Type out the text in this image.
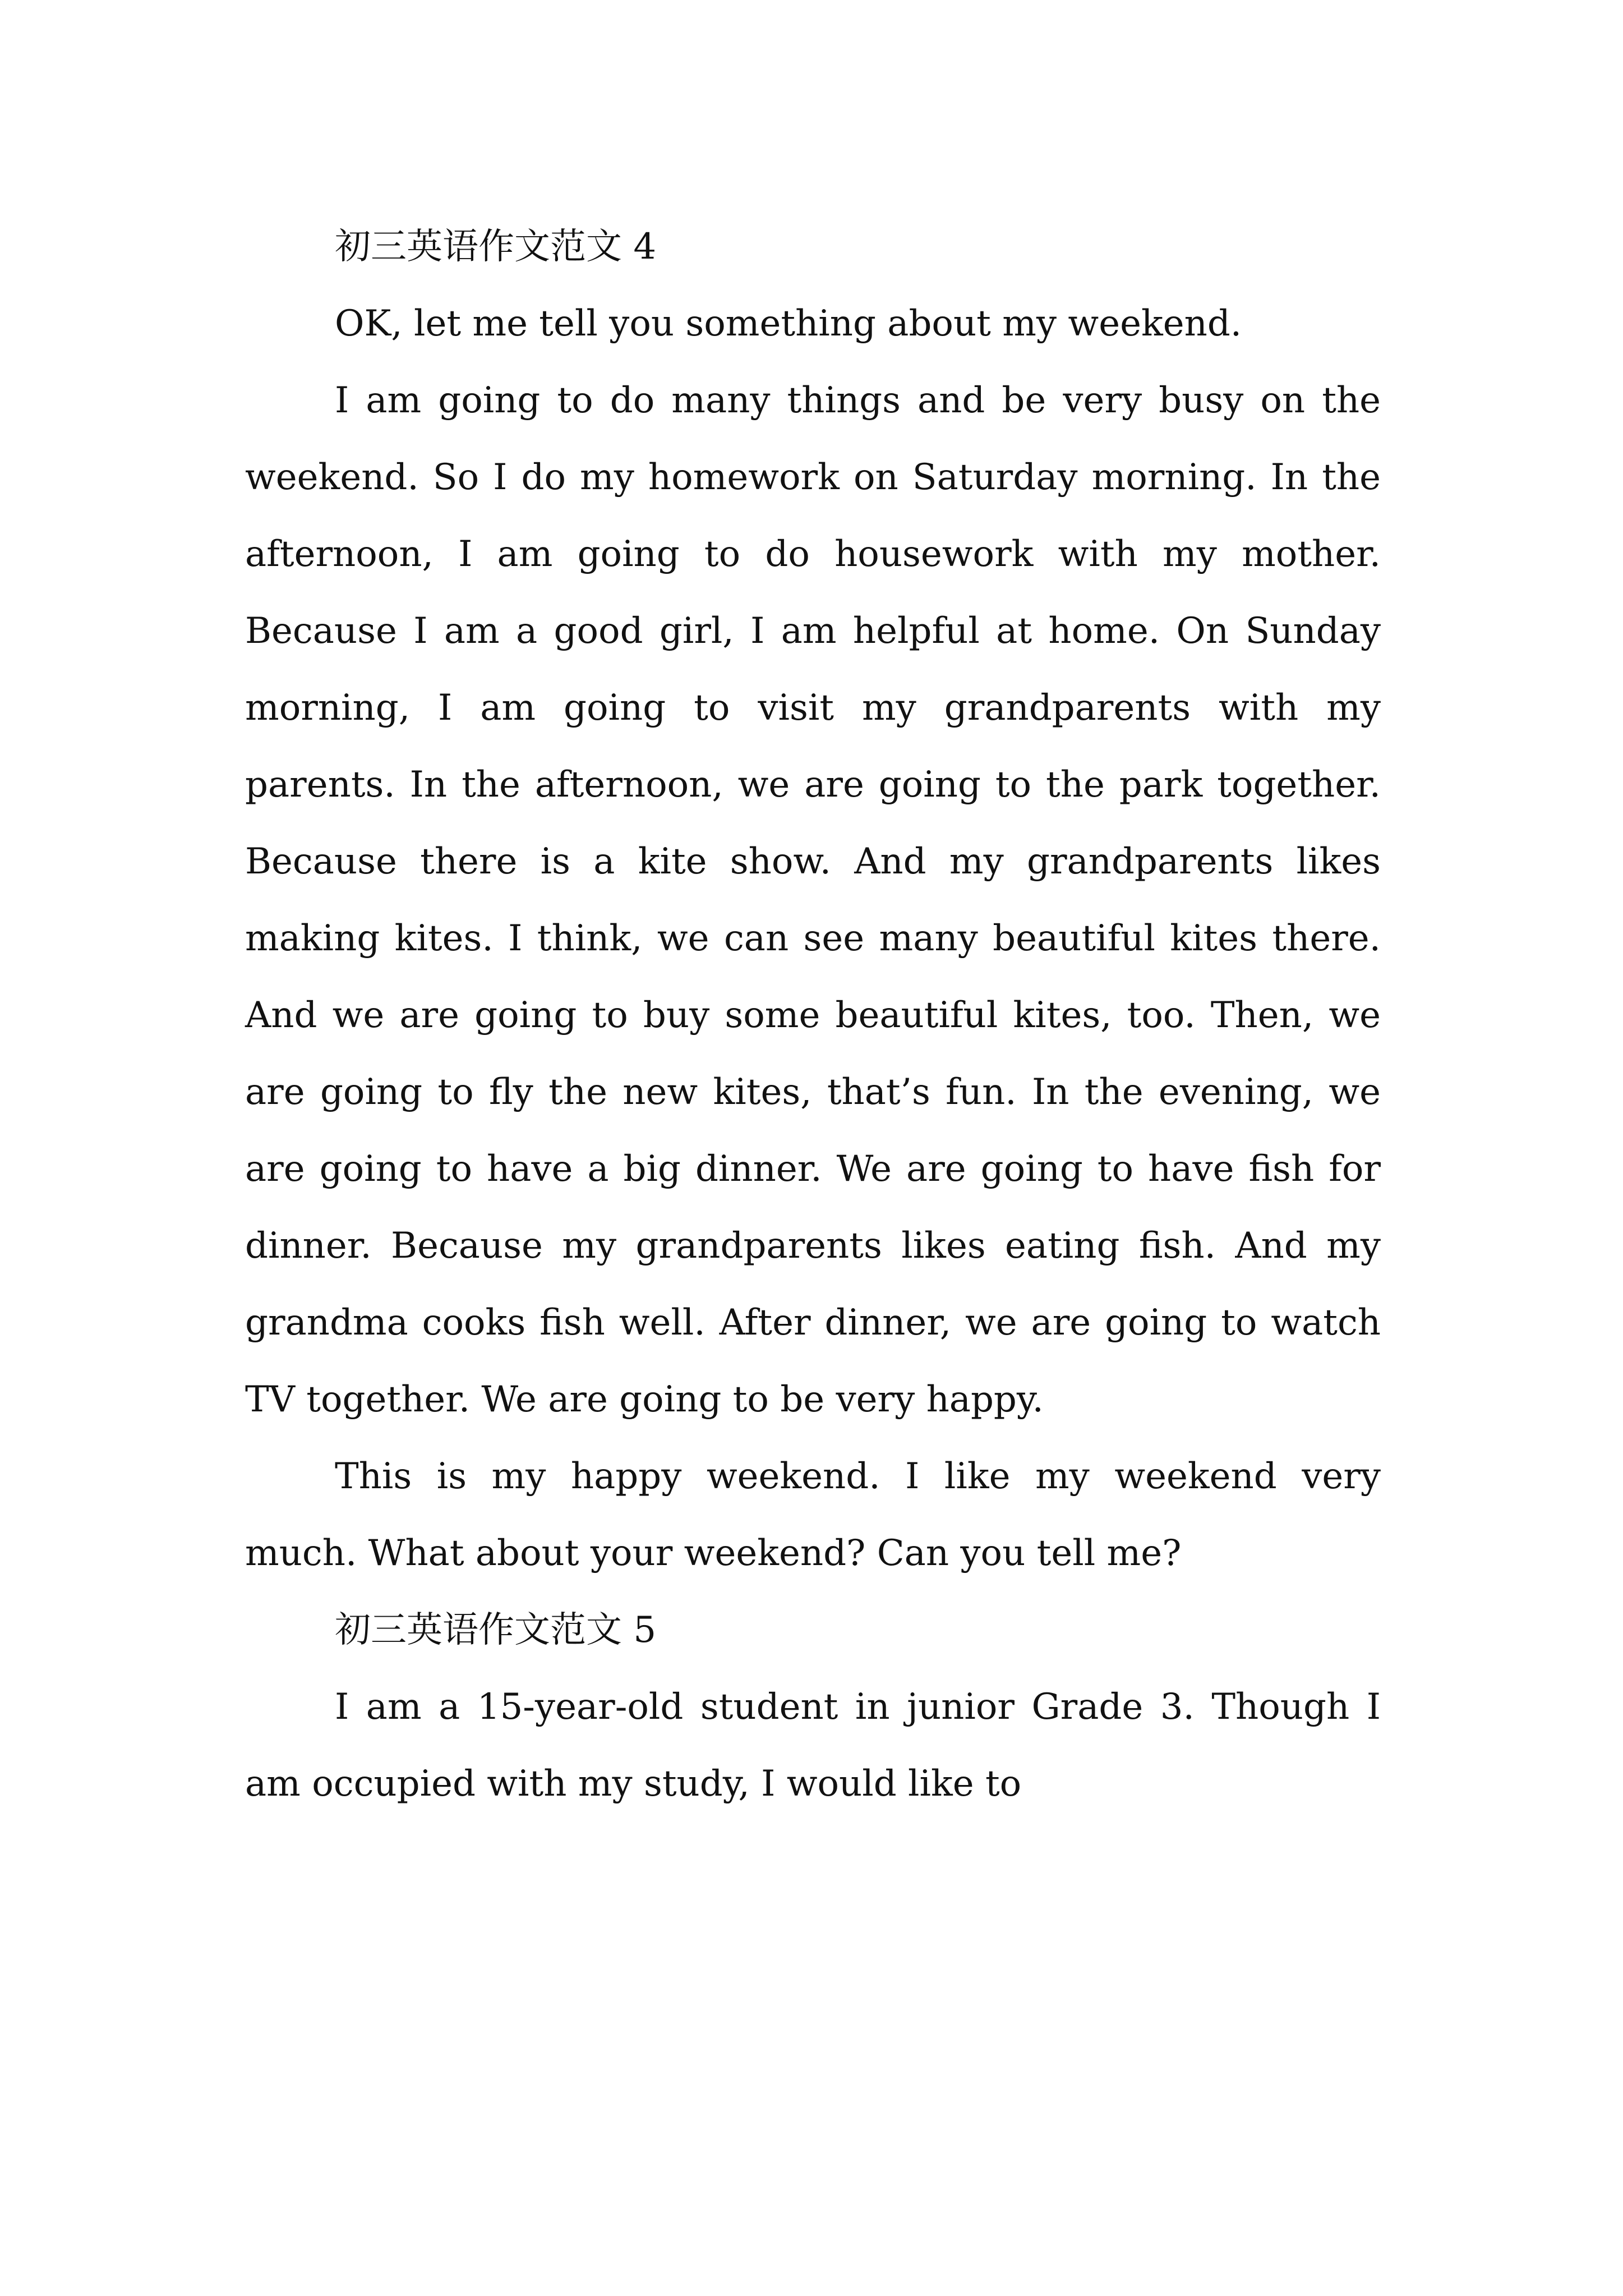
初三英语作文范文 4

OK, let me tell you something about my weekend.

I am going to do many things and be very busy on the weekend. So I do my homework on Saturday morning. In the afternoon, I am going to do housework with my mother. Because I am a good girl, I am helpful at home. On Sunday morning, I am going to visit my grandparents with my parents. In the afternoon, we are going to the park together. Because there is a kite show. And my grandparents likes making kites. I think, we can see many beautiful kites there. And we are going to buy some beautiful kites, too. Then, we are going to fly the new kites, that’s fun. In the evening, we are going to have a big dinner. We are going to have fish for dinner. Because my grandparents likes eating fish. And my grandma cooks fish well. After dinner, we are going to watch TV together. We are going to be very happy.

This is my happy weekend. I like my weekend very much. What about your weekend? Can you tell me?

初三英语作文范文 5

I am a 15-year-old student in junior Grade 3. Though I am occupied with my study, I would like to
